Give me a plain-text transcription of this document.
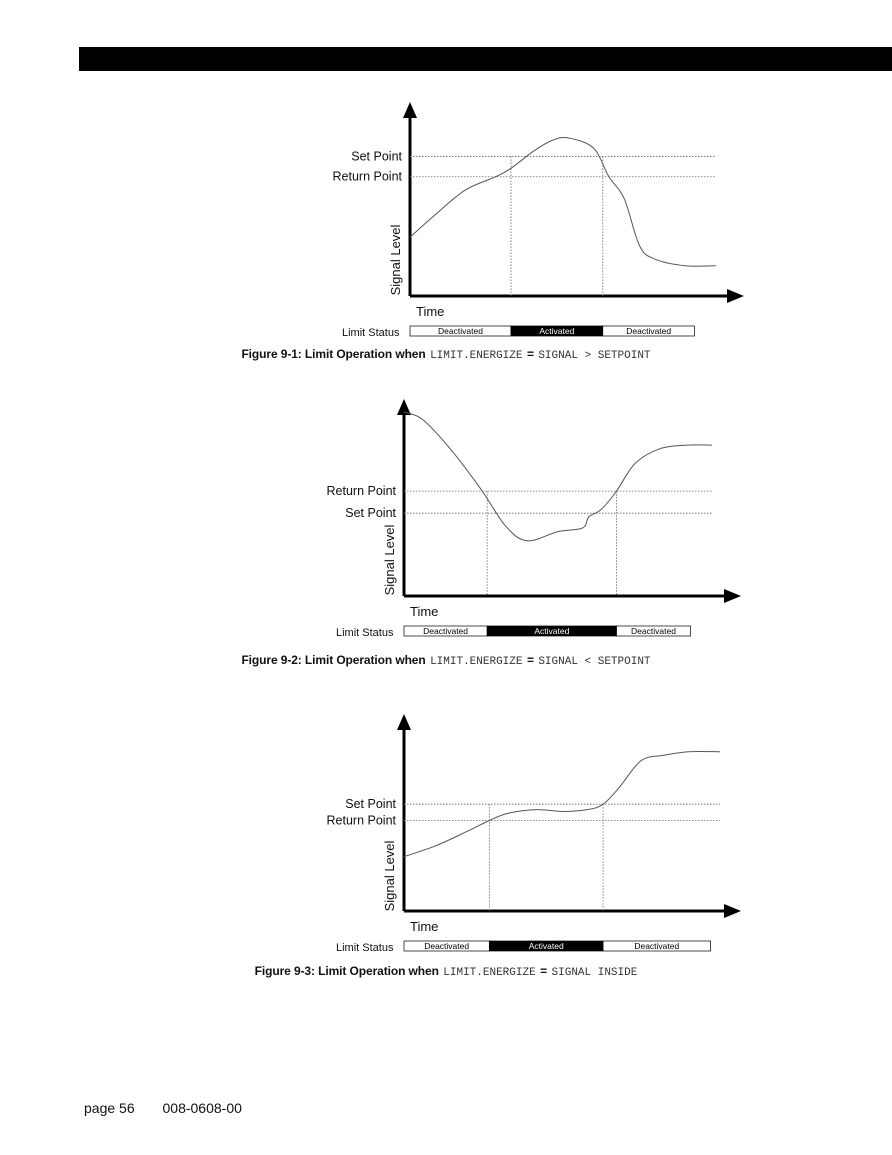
Set Point
Return Point
Signal Level
Time
Limit Status	Deactivated	Activated	Deactivated
Figure 9-1: Limit Operation when LIMIT.ENERGIZE = SIGNAL > SETPOINT
Set Point
Return Point
Signal Level
Time
Limit Status	Deactivated	Activated	Deactivated
Figure 9-2: Limit Operation when LIMIT.ENERGIZE = SIGNAL < SETPOINT
Set Point
Return Point
Signal Level
Time
Limit Status	Deactivated	Activated	Deactivated
Figure 9-3: Limit Operation when LIMIT.ENERGIZE = SIGNAL INSIDE
page 56 008-0608-00
